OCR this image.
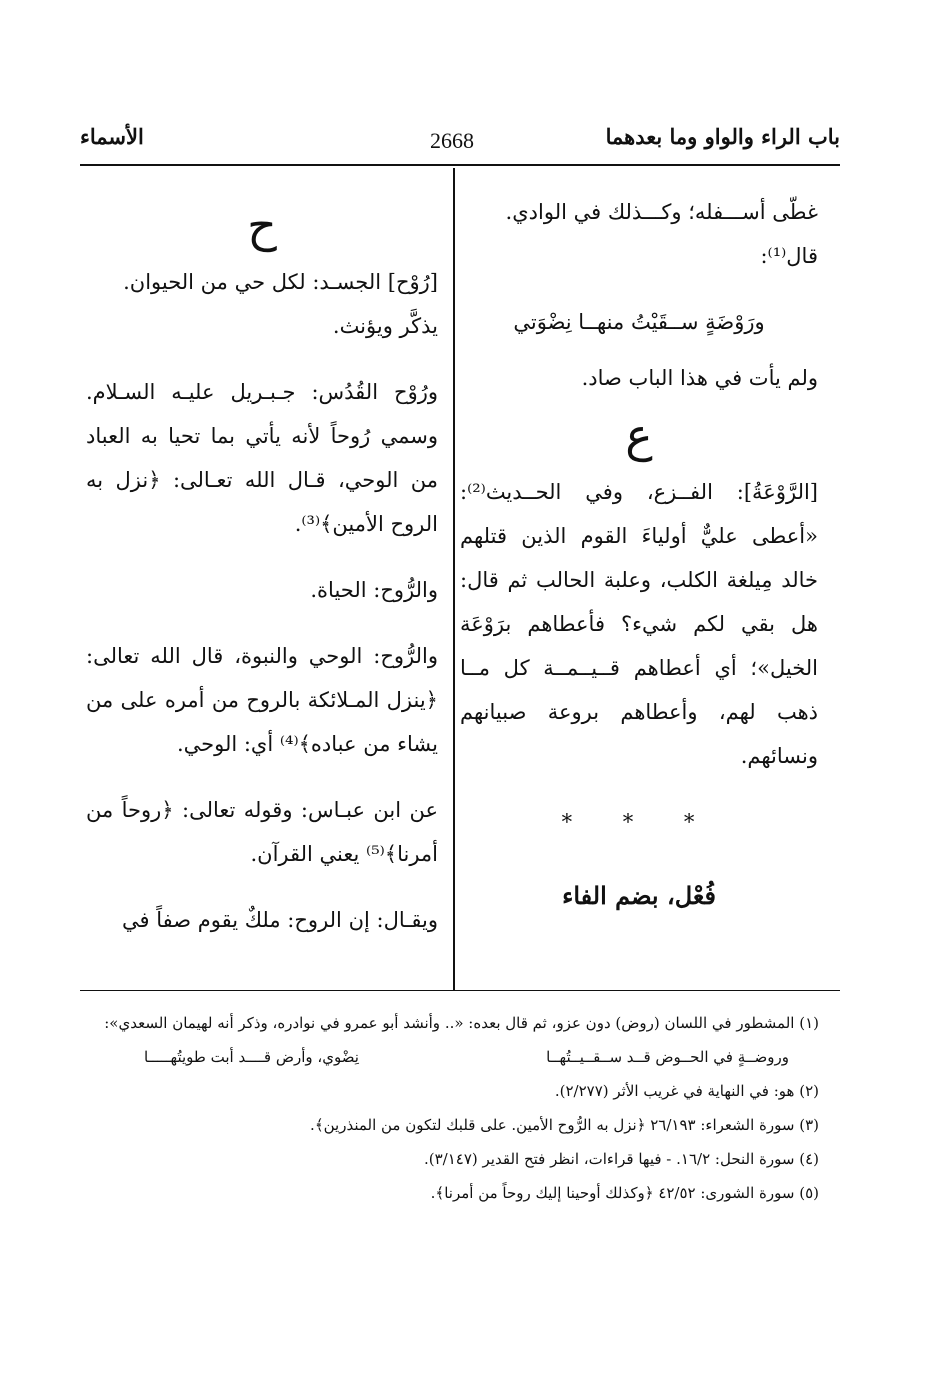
باب الراء والواو وما بعدهما
2668
الأسماء

غطّى أســـفله؛ وكـــذلك في الوادي.

قال⁽¹⁾:

ورَوْضَةٍ ســقَيْتُ منهــا نِضْوَتي

ولم يأت في هذا الباب صاد.

ع

[الرَّوْعَةُ]: الفــزع، وفي الحــديث⁽²⁾: «أعطى عليٌّ أولياءَ القوم الذين قتلهم خالد مِيلغة الكلب، وعلبة الحالب ثم قال: هل بقي لكم شيء؟ فأعطاهم برَوْعَة الخيل»؛ أي أعطاهم قــيــمــة كل مــا ذهب لهم، وأعطاهم بروعة صبيانهم ونسائهم.

* * *

فُعْل، بضم الفاء

ح

[رُوْح] الجسـد: لكل حي من الحيوان.

يذكَّر ويؤنث.

ورُوْح القُدُس: جـبـريل عليـه السـلام. وسمي رُوحاً لأنه يأتي بما تحيا به العباد من الوحي، قـال الله تعـالى: ﴿نزل به الروح الأمين﴾⁽³⁾.

والرُّوح: الحياة.

والرُّوح: الوحي والنبوة، قال الله تعالى: ﴿ينزل المـلائكة بالروح من أمره على من يشاء من عباده﴾⁽⁴⁾ أي: الوحي.

عن ابن عبـاس: وقوله تعالى: ﴿روحاً من أمرنا﴾⁽⁵⁾ يعني القرآن.

ويقـال: إن الروح: ملكٌ يقوم صفاً في

(١) المشطور في اللسان (روض) دون عزو، ثم قال بعده: «.. وأنشد أبو عمرو في نوادره، وذكر أنه لهيمان السعدي»:

وروضــةٍ في الحــوض قــد ســقــيــتُهــا
نِضْوي، وأرض قــــد أبت طويتُهـــــا

(٢) هو: في النهاية في غريب الأثر (٢/٢٧٧).

(٣) سورة الشعراء: ٢٦/١٩٣ ﴿نزل به الرُّوح الأمين. على قلبك لتكون من المنذرين﴾.

(٤) سورة النحل: ١٦/٢. - فيها قراءات، انظر فتح القدير (٣/١٤٧).

(٥) سورة الشورى: ٤٢/٥٢ ﴿وكذلك أوحينا إليك روحاً من أمرنا﴾.
